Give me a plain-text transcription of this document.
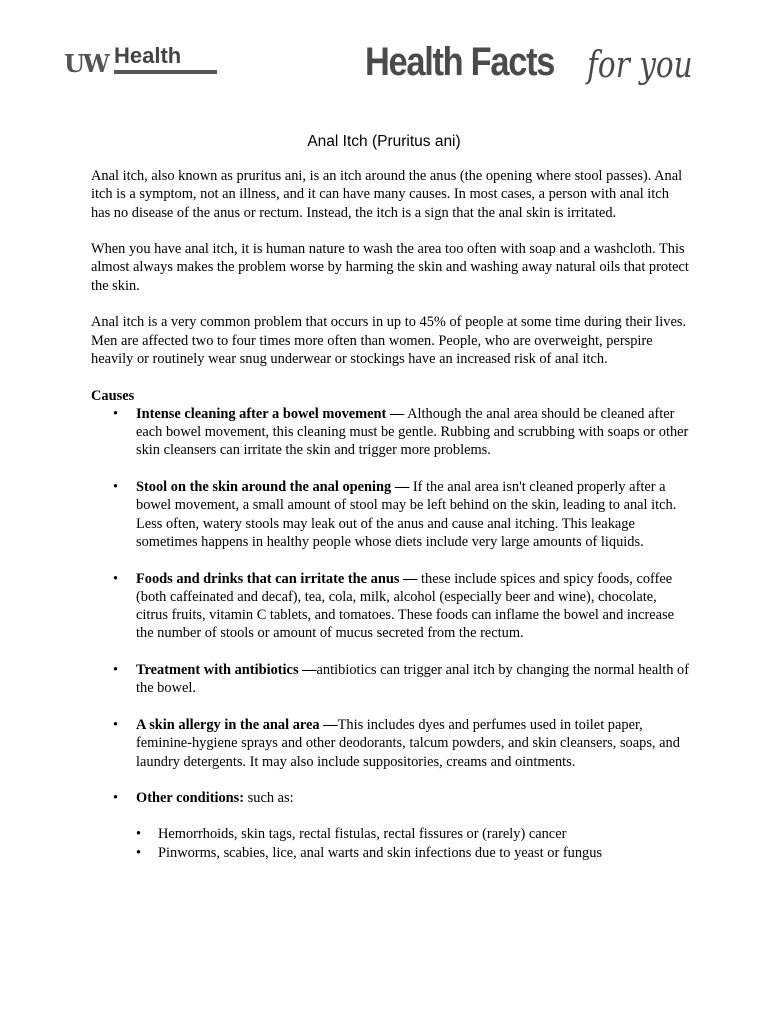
UW Health	Health Facts for you
Anal Itch (Pruritus ani)

Anal itch, also known as pruritus ani, is an itch around the anus (the opening where stool passes). Anal itch is a symptom, not an illness, and it can have many causes. In most cases, a person with anal itch has no disease of the anus or rectum. Instead, the itch is a sign that the anal skin is irritated.

When you have anal itch, it is human nature to wash the area too often with soap and a washcloth. This almost always makes the problem worse by harming the skin and washing away natural oils that protect the skin.

Anal itch is a very common problem that occurs in up to 45% of people at some time during their lives. Men are affected two to four times more often than women. People, who are overweight, perspire heavily or routinely wear snug underwear or stockings have an increased risk of anal itch.

Causes
• Intense cleaning after a bowel movement — Although the anal area should be cleaned after each bowel movement, this cleaning must be gentle. Rubbing and scrubbing with soaps or other skin cleansers can irritate the skin and trigger more problems.
• Stool on the skin around the anal opening — If the anal area isn't cleaned properly after a bowel movement, a small amount of stool may be left behind on the skin, leading to anal itch. Less often, watery stools may leak out of the anus and cause anal itching. This leakage sometimes happens in healthy people whose diets include very large amounts of liquids.
• Foods and drinks that can irritate the anus — these include spices and spicy foods, coffee (both caffeinated and decaf), tea, cola, milk, alcohol (especially beer and wine), chocolate, citrus fruits, vitamin C tablets, and tomatoes. These foods can inflame the bowel and increase the number of stools or amount of mucus secreted from the rectum.
• Treatment with antibiotics —antibiotics can trigger anal itch by changing the normal health of the bowel.
• A skin allergy in the anal area —This includes dyes and perfumes used in toilet paper, feminine-hygiene sprays and other deodorants, talcum powders, and skin cleansers, soaps, and laundry detergents. It may also include suppositories, creams and ointments.
• Other conditions: such as:
• Hemorrhoids, skin tags, rectal fistulas, rectal fissures or (rarely) cancer
• Pinworms, scabies, lice, anal warts and skin infections due to yeast or fungus
